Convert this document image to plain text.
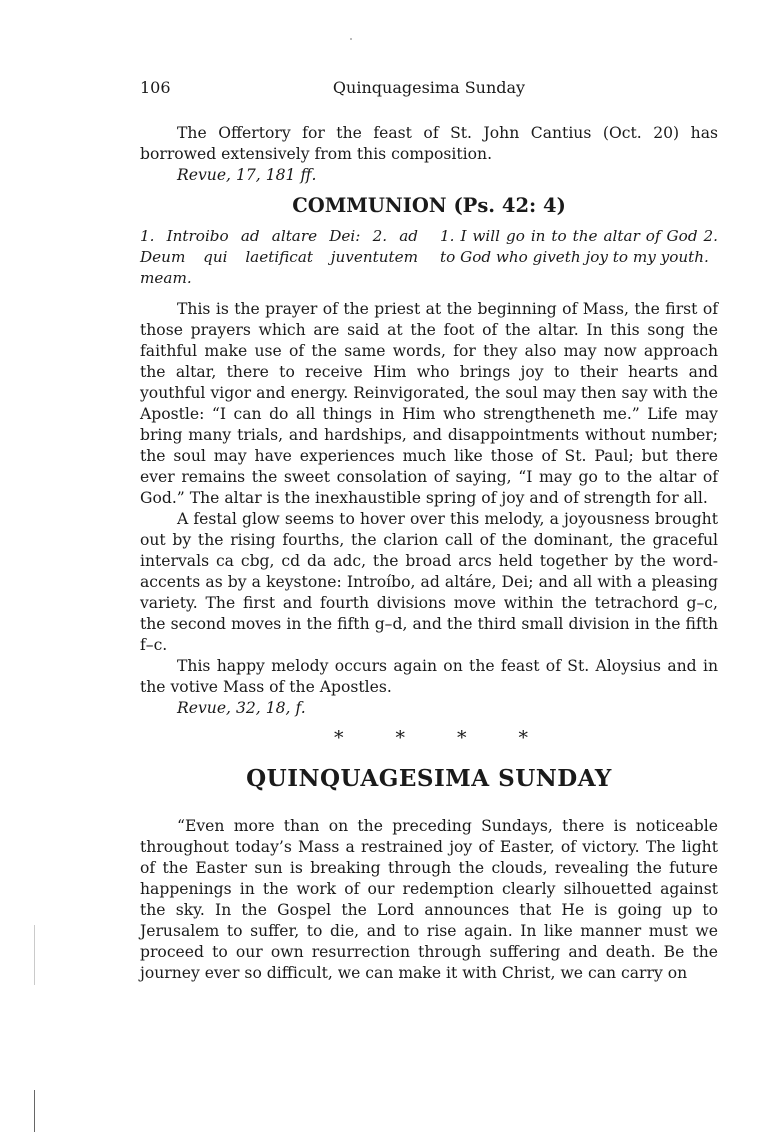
106	Quinquagesima Sunday

The Offertory for the feast of St. John Cantius (Oct. 20) has borrowed extensively from this composition.

Revue, 17, 181 ff.

COMMUNION (Ps. 42: 4)
1. Introibo ad altare Dei: 2. ad Deum qui laetificat juventutem meam.
1. I will go in to the altar of God 2. to God who giveth joy to my youth.

This is the prayer of the priest at the beginning of Mass, the first of those prayers which are said at the foot of the altar. In this song the faithful make use of the same words, for they also may now approach the altar, there to receive Him who brings joy to their hearts and youthful vigor and energy. Reinvigorated, the soul may then say with the Apostle: “I can do all things in Him who strengtheneth me.” Life may bring many trials, and hardships, and disappointments without number; the soul may have experiences much like those of St. Paul; but there ever remains the sweet consolation of saying, “I may go to the altar of God.” The altar is the inexhaustible spring of joy and of strength for all.

A festal glow seems to hover over this melody, a joyousness brought out by the rising fourths, the clarion call of the dominant, the graceful intervals ca cbg, cd da adc, the broad arcs held together by the word-accents as by a keystone: Introíbo, ad altáre, Dei; and all with a pleasing variety. The first and fourth divisions move within the tetrachord g–c, the second moves in the fifth g–d, and the third small division in the fifth f–c.

This happy melody occurs again on the feast of St. Aloysius and in the votive Mass of the Apostles.

Revue, 32, 18, f.

*	*	*	*
QUINQUAGESIMA SUNDAY

“Even more than on the preceding Sundays, there is noticeable throughout today’s Mass a restrained joy of Easter, of victory. The light of the Easter sun is breaking through the clouds, revealing the future happenings in the work of our redemption clearly silhouetted against the sky. In the Gospel the Lord announces that He is going up to Jerusalem to suffer, to die, and to rise again. In like manner must we proceed to our own resurrection through suffering and death. Be the journey ever so difficult, we can make it with Christ, we can carry on
